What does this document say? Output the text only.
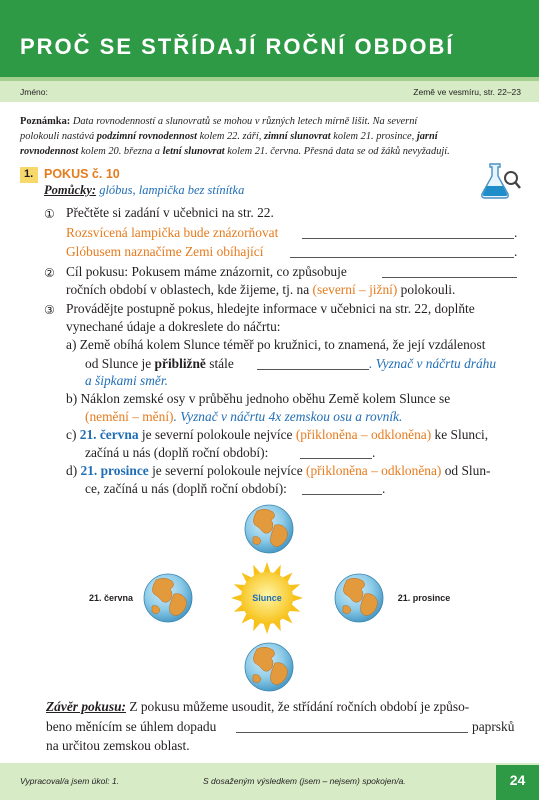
PROČ SE STŘÍDAJÍ ROČNÍ OBDOBÍ
Jméno:	Země ve vesmíru, str. 22–23
Poznámka: Data rovnodenností a slunovratů se mohou v různých letech mírně lišit. Na severní
polokouli nastává podzimní rovnodennost kolem 22. září, zimní slunovrat kolem 21. prosince, jarní
rovnodennost kolem 20. března a letní slunovrat kolem 21. června. Přesná data se od žáků nevyžadují.
1. POKUS č. 10
Pomůcky: glóbus, lampička bez stínítka
① Přečtěte si zadání v učebnici na str. 22.
Rozsvícená lampička bude znázorňovat	.
Glóbusem naznačíme Zemi obíhající	.
② Cíl pokusu: Pokusem máme znázornit, co způsobuje
ročních období v oblastech, kde žijeme, tj. na (severní – jižní) polokouli.
③ Provádějte postupně pokus, hledejte informace v učebnici na str. 22, doplňte
vynechané údaje a dokreslete do náčrtu:
a) Země obíhá kolem Slunce téměř po kružnici, to znamená, že její vzdálenost
od Slunce je přibližně stále	. Vyznač v náčrtu dráhu
a šipkami směr.
b) Náklon zemské osy v průběhu jednoho oběhu Země kolem Slunce se
(nemění – mění). Vyznač v náčrtu 4x zemskou osu a rovník.
c) 21. června je severní polokoule nejvíce (přikloněna – odkloněna) ke Slunci,
začíná u nás (doplň roční období):	.
d) 21. prosince je severní polokoule nejvíce (přikloněna – odkloněna) od Slun-
ce, začíná u nás (doplň roční období):	.
Slunce
21. června	21. prosince
Závěr pokusu: Z pokusu můžeme usoudit, že střídání ročních období je způso-
beno měnícím se úhlem dopadu	paprsků
na určitou zemskou oblast.
Vypracoval/a jsem úkol: 1.	S dosaženým výsledkem (jsem – nejsem) spokojen/a.	24
